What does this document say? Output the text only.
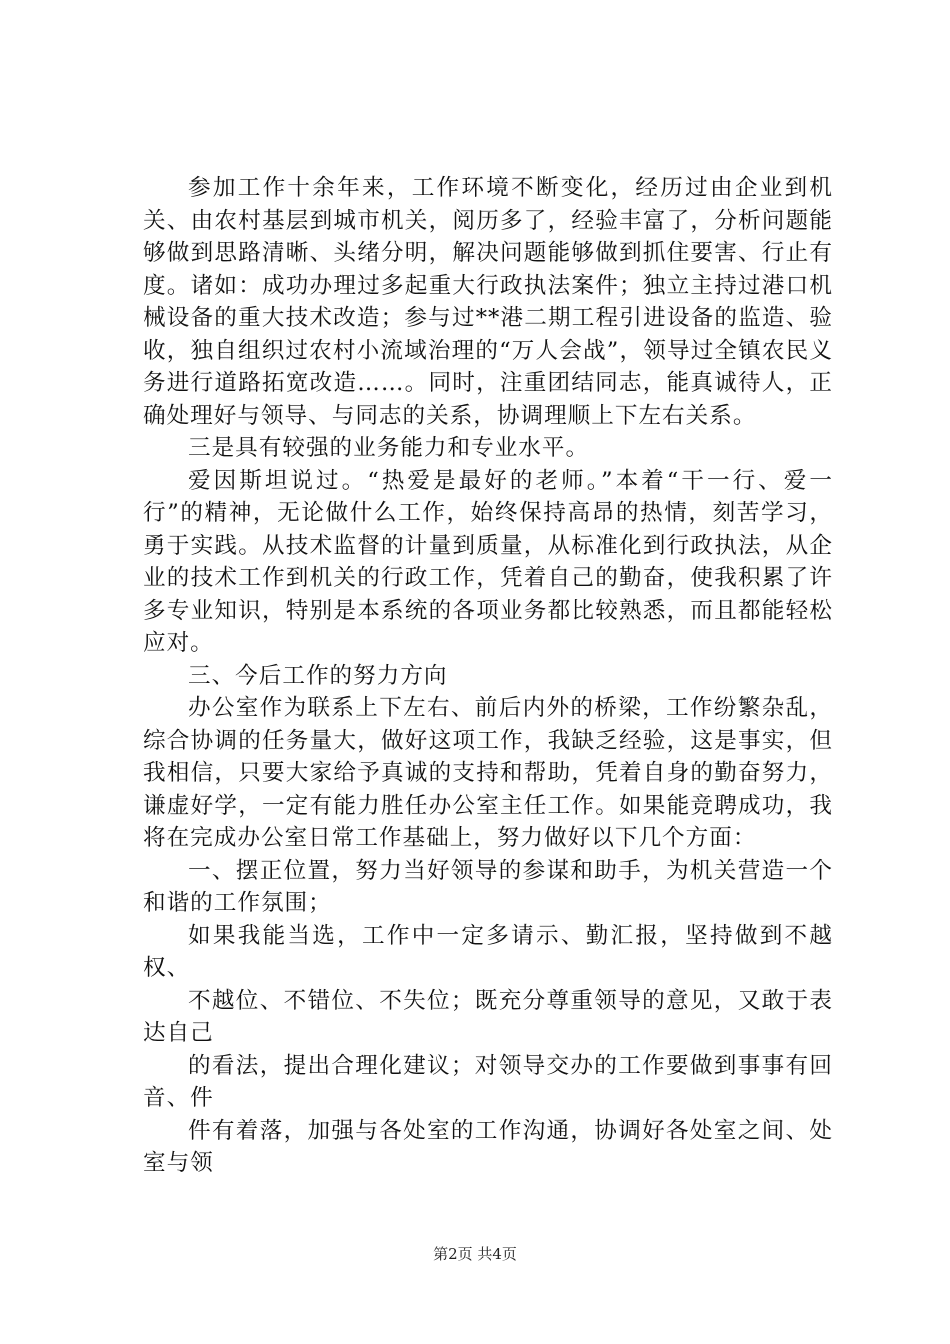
参加工作十余年来，工作环境不断变化，经历过由企业到机关、由农村基层到城市机关，阅历多了，经验丰富了，分析问题能够做到思路清晰、头绪分明，解决问题能够做到抓住要害、行止有度。诸如：成功办理过多起重大行政执法案件；独立主持过港口机械设备的重大技术改造；参与过**港二期工程引进设备的监造、验收，独自组织过农村小流域治理的“万人会战”，领导过全镇农民义务进行道路拓宽改造……。同时，注重团结同志，能真诚待人，正确处理好与领导、与同志的关系，协调理顺上下左右关系。

三是具有较强的业务能力和专业水平。

爱因斯坦说过。“热爱是最好的老师。”本着“干一行、爱一行”的精神，无论做什么工作，始终保持高昂的热情，刻苦学习，勇于实践。从技术监督的计量到质量，从标准化到行政执法，从企业的技术工作到机关的行政工作，凭着自己的勤奋，使我积累了许多专业知识，特别是本系统的各项业务都比较熟悉，而且都能轻松应对。

三、今后工作的努力方向

办公室作为联系上下左右、前后内外的桥梁，工作纷繁杂乱，综合协调的任务量大，做好这项工作，我缺乏经验，这是事实，但我相信，只要大家给予真诚的支持和帮助，凭着自身的勤奋努力，谦虚好学，一定有能力胜任办公室主任工作。如果能竞聘成功，我将在完成办公室日常工作基础上，努力做好以下几个方面：

一、摆正位置，努力当好领导的参谋和助手，为机关营造一个和谐的工作氛围；

如果我能当选，工作中一定多请示、勤汇报，坚持做到不越权、

不越位、不错位、不失位；既充分尊重领导的意见，又敢于表达自己

的看法，提出合理化建议；对领导交办的工作要做到事事有回音、件

件有着落，加强与各处室的工作沟通，协调好各处室之间、处室与领

第2页 共4页
